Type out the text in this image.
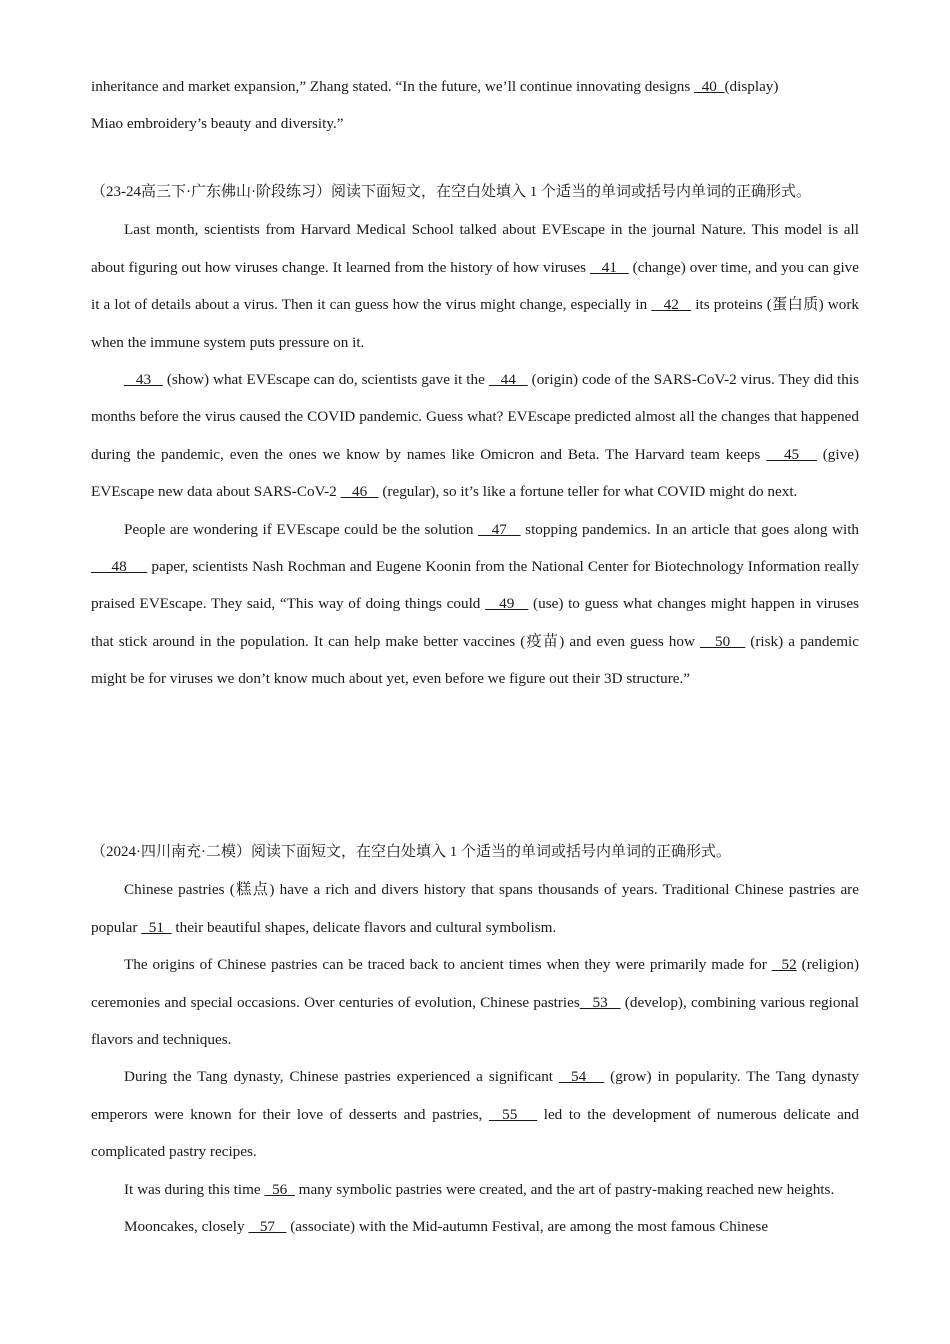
inheritance and market expansion,” Zhang stated. “In the future, we’ll continue innovating designs   40  (display)

Miao embroidery’s beauty and diversity.”

（23-24高三下·广东佛山·阶段练习）阅读下面短文，在空白处填入 1 个适当的单词或括号内单词的正确形式。

Last month, scientists from Harvard Medical School talked about EVEscape in the journal Nature. This model is all about figuring out how viruses change. It learned from the history of how viruses    41    (change) over time, and you can give it a lot of details about a virus. Then it can guess how the virus might change, especially in    42    its proteins (蛋白质) work when the immune system puts pressure on it.

43    (show) what EVEscape can do, scientists gave it the    44    (origin) code of the SARS-CoV-2 virus. They did this months before the virus caused the COVID pandemic. Guess what? EVEscape predicted almost all the changes that happened during the pandemic, even the ones we know by names like Omicron and Beta. The Harvard team keeps    45    (give) EVEscape new data about SARS-CoV-2    46    (regular), so it’s like a fortune teller for what COVID might do next.

People are wondering if EVEscape could be the solution    47    stopping pandemics. In an article that goes along with      48      paper, scientists Nash Rochman and Eugene Koonin from the National Center for Biotechnology Information really praised EVEscape. They said, “This way of doing things could    49    (use) to guess what changes might happen in viruses that stick around in the population. It can help make better vaccines (疫苗) and even guess how    50    (risk) a pandemic might be for viruses we don’t know much about yet, even before we figure out their 3D structure.”

（2024·四川南充·二模）阅读下面短文，在空白处填入 1 个适当的单词或括号内单词的正确形式。

Chinese pastries (糕点) have a rich and divers history that spans thousands of years. Traditional Chinese pastries are popular   51   their beautiful shapes, delicate flavors and cultural symbolism.

The origins of Chinese pastries can be traced back to ancient times when they were primarily made for   52 (religion) ceremonies and special occasions. Over centuries of evolution, Chinese pastries   53    (develop), combining various regional flavors and techniques.

During the Tang dynasty, Chinese pastries experienced a significant   54    (grow) in popularity. The Tang dynasty emperors were known for their love of desserts and pastries,   55    led to the development of numerous delicate and complicated pastry recipes.

It was during this time   56   many symbolic pastries were created, and the art of pastry-making reached new heights.

Mooncakes, closely    57    (associate) with the Mid-autumn Festival, are among the most famous Chinese
